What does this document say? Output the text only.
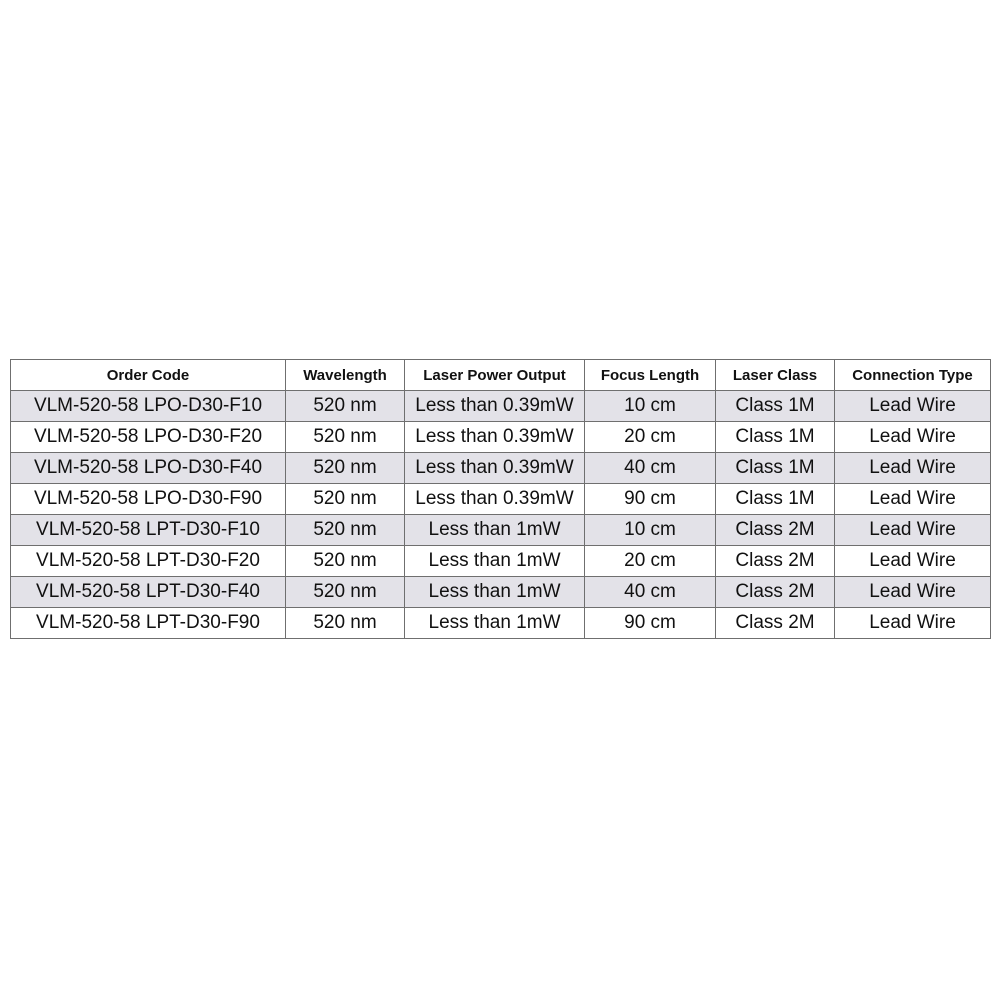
Order Code	Wavelength	Laser Power Output	Focus Length	Laser Class	Connection Type
VLM-520-58 LPO-D30-F10	520 nm	Less than 0.39mW	10 cm	Class 1M	Lead Wire
VLM-520-58 LPO-D30-F20	520 nm	Less than 0.39mW	20 cm	Class 1M	Lead Wire
VLM-520-58 LPO-D30-F40	520 nm	Less than 0.39mW	40 cm	Class 1M	Lead Wire
VLM-520-58 LPO-D30-F90	520 nm	Less than 0.39mW	90 cm	Class 1M	Lead Wire
VLM-520-58 LPT-D30-F10	520 nm	Less than 1mW	10 cm	Class 2M	Lead Wire
VLM-520-58 LPT-D30-F20	520 nm	Less than 1mW	20 cm	Class 2M	Lead Wire
VLM-520-58 LPT-D30-F40	520 nm	Less than 1mW	40 cm	Class 2M	Lead Wire
VLM-520-58 LPT-D30-F90	520 nm	Less than 1mW	90 cm	Class 2M	Lead Wire
